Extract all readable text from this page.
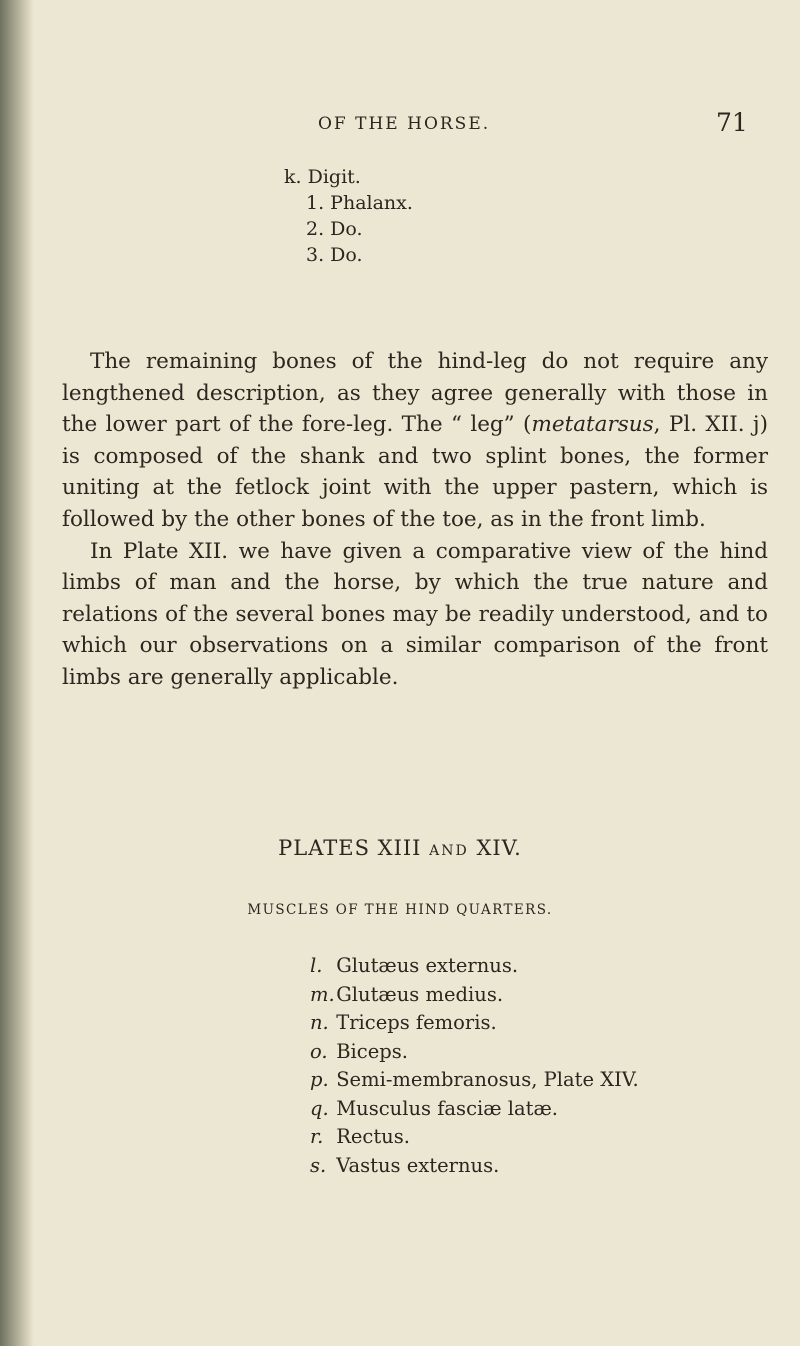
OF THE HORSE.	71
k. Digit.
1. Phalanx.
2. Do.
3. Do.

The remaining bones of the hind-leg do not require any lengthened description, as they agree generally with those in the lower part of the fore-leg. The “ leg” (metatarsus, Pl. XII. j) is composed of the shank and two splint bones, the former uniting at the fetlock joint with the upper pastern, which is followed by the other bones of the toe, as in the front limb.

In Plate XII. we have given a comparative view of the hind limbs of man and the horse, by which the true nature and relations of the several bones may be readily understood, and to which our observations on a similar comparison of the front limbs are generally applicable.

PLATES XIII AND XIV.
MUSCLES OF THE HIND QUARTERS.
l. Glutæus externus.
m. Glutæus medius.
n. Triceps femoris.
o. Biceps.
p. Semi-membranosus, Plate XIV.
q. Musculus fasciæ latæ.
r. Rectus.
s. Vastus externus.
